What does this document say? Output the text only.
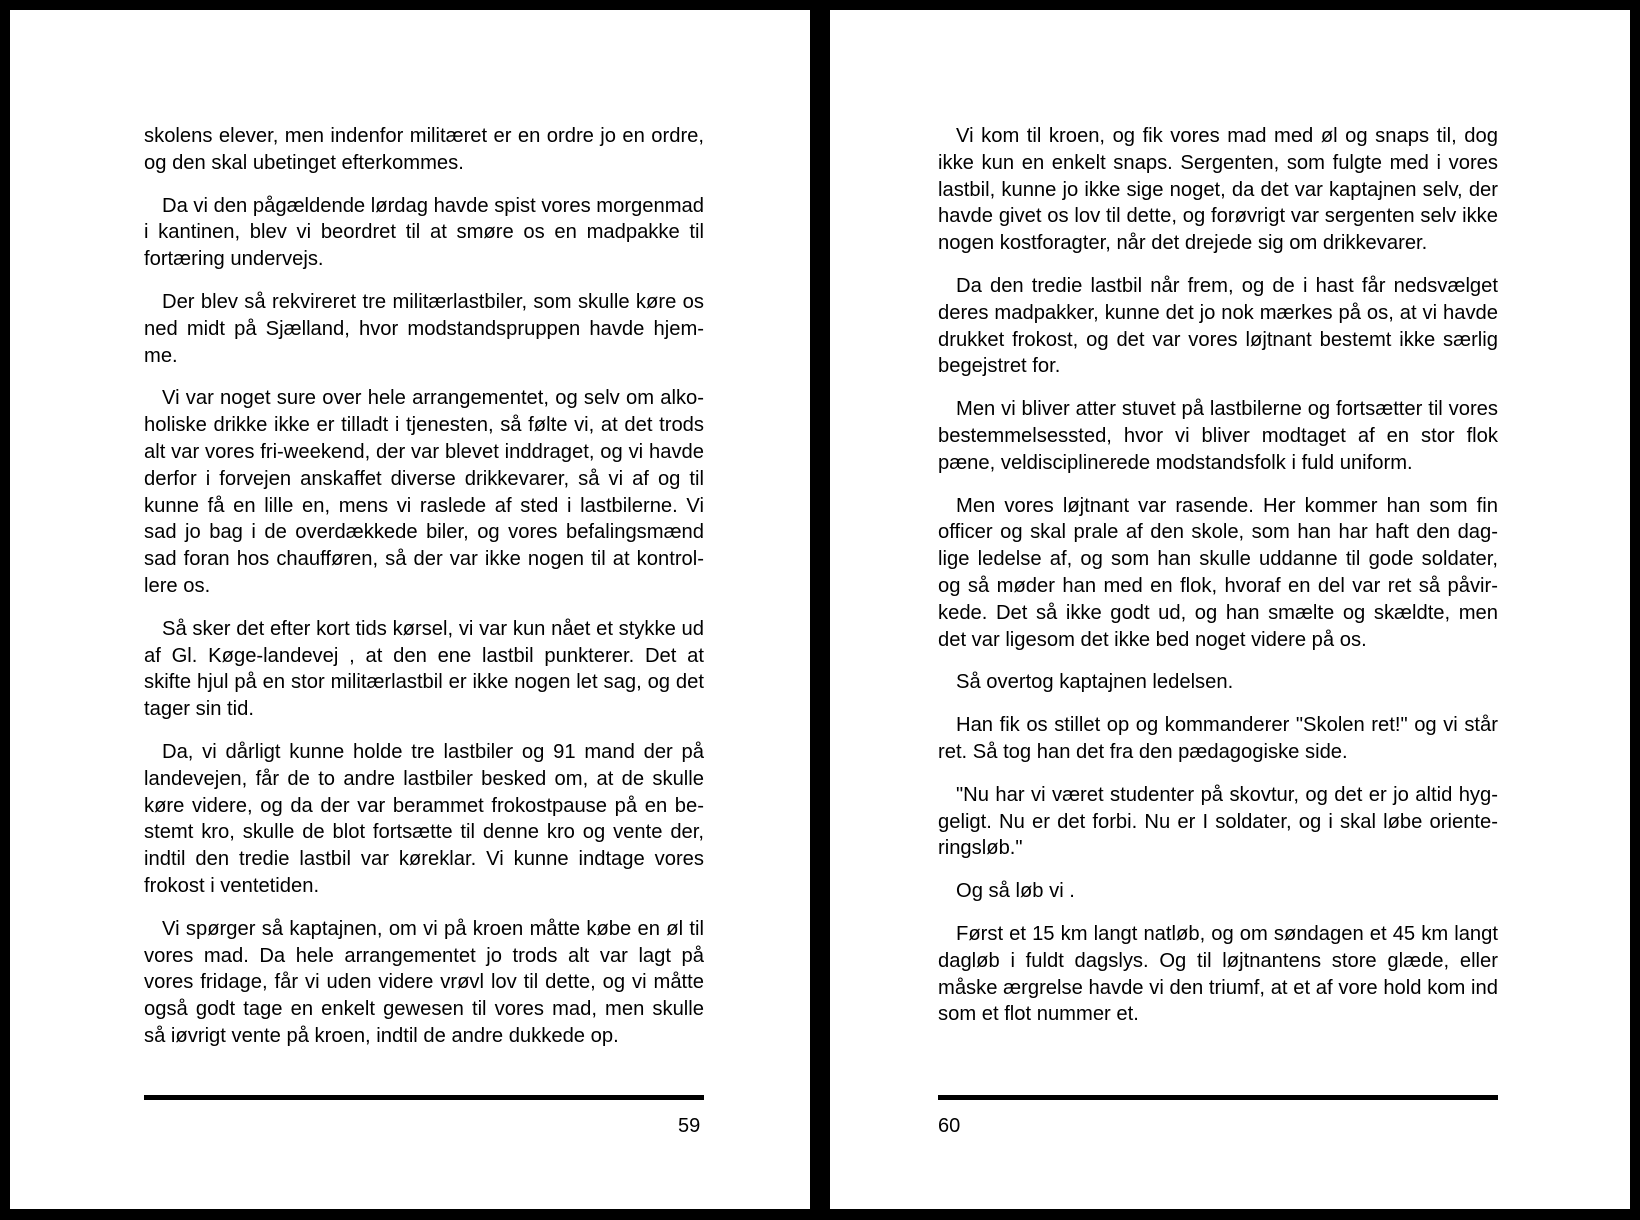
skolens elever, men indenfor militæret er en ordre jo en ordre, og den skal ubetinget efterkommes.

Da vi den pågældende lørdag havde spist vores morgenmad i kantinen, blev vi beordret til at smøre os en madpakke til fortæring undervejs.

Der blev så rekvireret tre militærlastbiler, som skulle køre os ned midt på Sjælland, hvor modstandspruppen havde hjemme.

Vi var noget sure over hele arrangementet, og selv om alkoholiske drikke ikke er tilladt i tjenesten, så følte vi, at det trods alt var vores fri-weekend, der var blevet inddraget, og vi havde derfor i forvejen anskaffet diverse drikkevarer, så vi af og til kunne få en lille en, mens vi raslede af sted i lastbilerne. Vi sad jo bag i de overdækkede biler, og vores befalingsmænd sad foran hos chaufføren, så der var ikke nogen til at kontrollere os.

Så sker det efter kort tids kørsel, vi var kun nået et stykke ud af Gl. Køge-landevej , at den ene lastbil punkterer. Det at skifte hjul på en stor militærlastbil er ikke nogen let sag, og det tager sin tid.

Da, vi dårligt kunne holde tre lastbiler og 91 mand der på landevejen, får de to andre lastbiler besked om, at de skulle køre videre, og da der var berammet frokostpause på en bestemt kro, skulle de blot fortsætte til denne kro og vente der, indtil den tredie lastbil var køreklar. Vi kunne indtage vores frokost i ventetiden.

Vi spørger så kaptajnen, om vi på kroen måtte købe en øl til vores mad. Da hele arrangementet jo trods alt var lagt på vores fridage, får vi uden videre vrøvl lov til dette, og vi måtte også godt tage en enkelt gewesen til vores mad, men skulle så iøvrigt vente på kroen, indtil de andre dukkede op.

59

Vi kom til kroen, og fik vores mad med øl og snaps til, dog ikke kun en enkelt snaps. Sergenten, som fulgte med i vores lastbil, kunne jo ikke sige noget, da det var kaptajnen selv, der havde givet os lov til dette, og forøvrigt var sergenten selv ikke nogen kostforagter, når det drejede sig om drikkevarer.

Da den tredie lastbil når frem, og de i hast får nedsvælget deres madpakker, kunne det jo nok mærkes på os, at vi havde drukket frokost, og det var vores løjtnant bestemt ikke særlig begejstret for.

Men vi bliver atter stuvet på lastbilerne og fortsætter til vores bestemmelsessted, hvor vi bliver modtaget af en stor flok pæne, veldisciplinerede modstandsfolk i fuld uniform.

Men vores løjtnant var rasende. Her kommer han som fin officer og skal prale af den skole, som han har haft den daglige ledelse af, og som han skulle uddanne til gode soldater, og så møder han med en flok, hvoraf en del var ret så påvirkede. Det så ikke godt ud, og han smælte og skældte, men det var ligesom det ikke bed noget videre på os.

Så overtog kaptajnen ledelsen.

Han fik os stillet op og kommanderer "Skolen ret!" og vi står ret. Så tog han det fra den pædagogiske side.

"Nu har vi været studenter på skovtur, og det er jo altid hyggeligt. Nu er det forbi. Nu er I soldater, og i skal løbe orienteringsløb."

Og så løb vi .

Først et 15 km langt natløb, og om søndagen et 45 km langt dagløb i fuldt dagslys. Og til løjtnantens store glæde, eller måske ærgrelse havde vi den triumf, at et af vore hold kom ind som et flot nummer et.

60
